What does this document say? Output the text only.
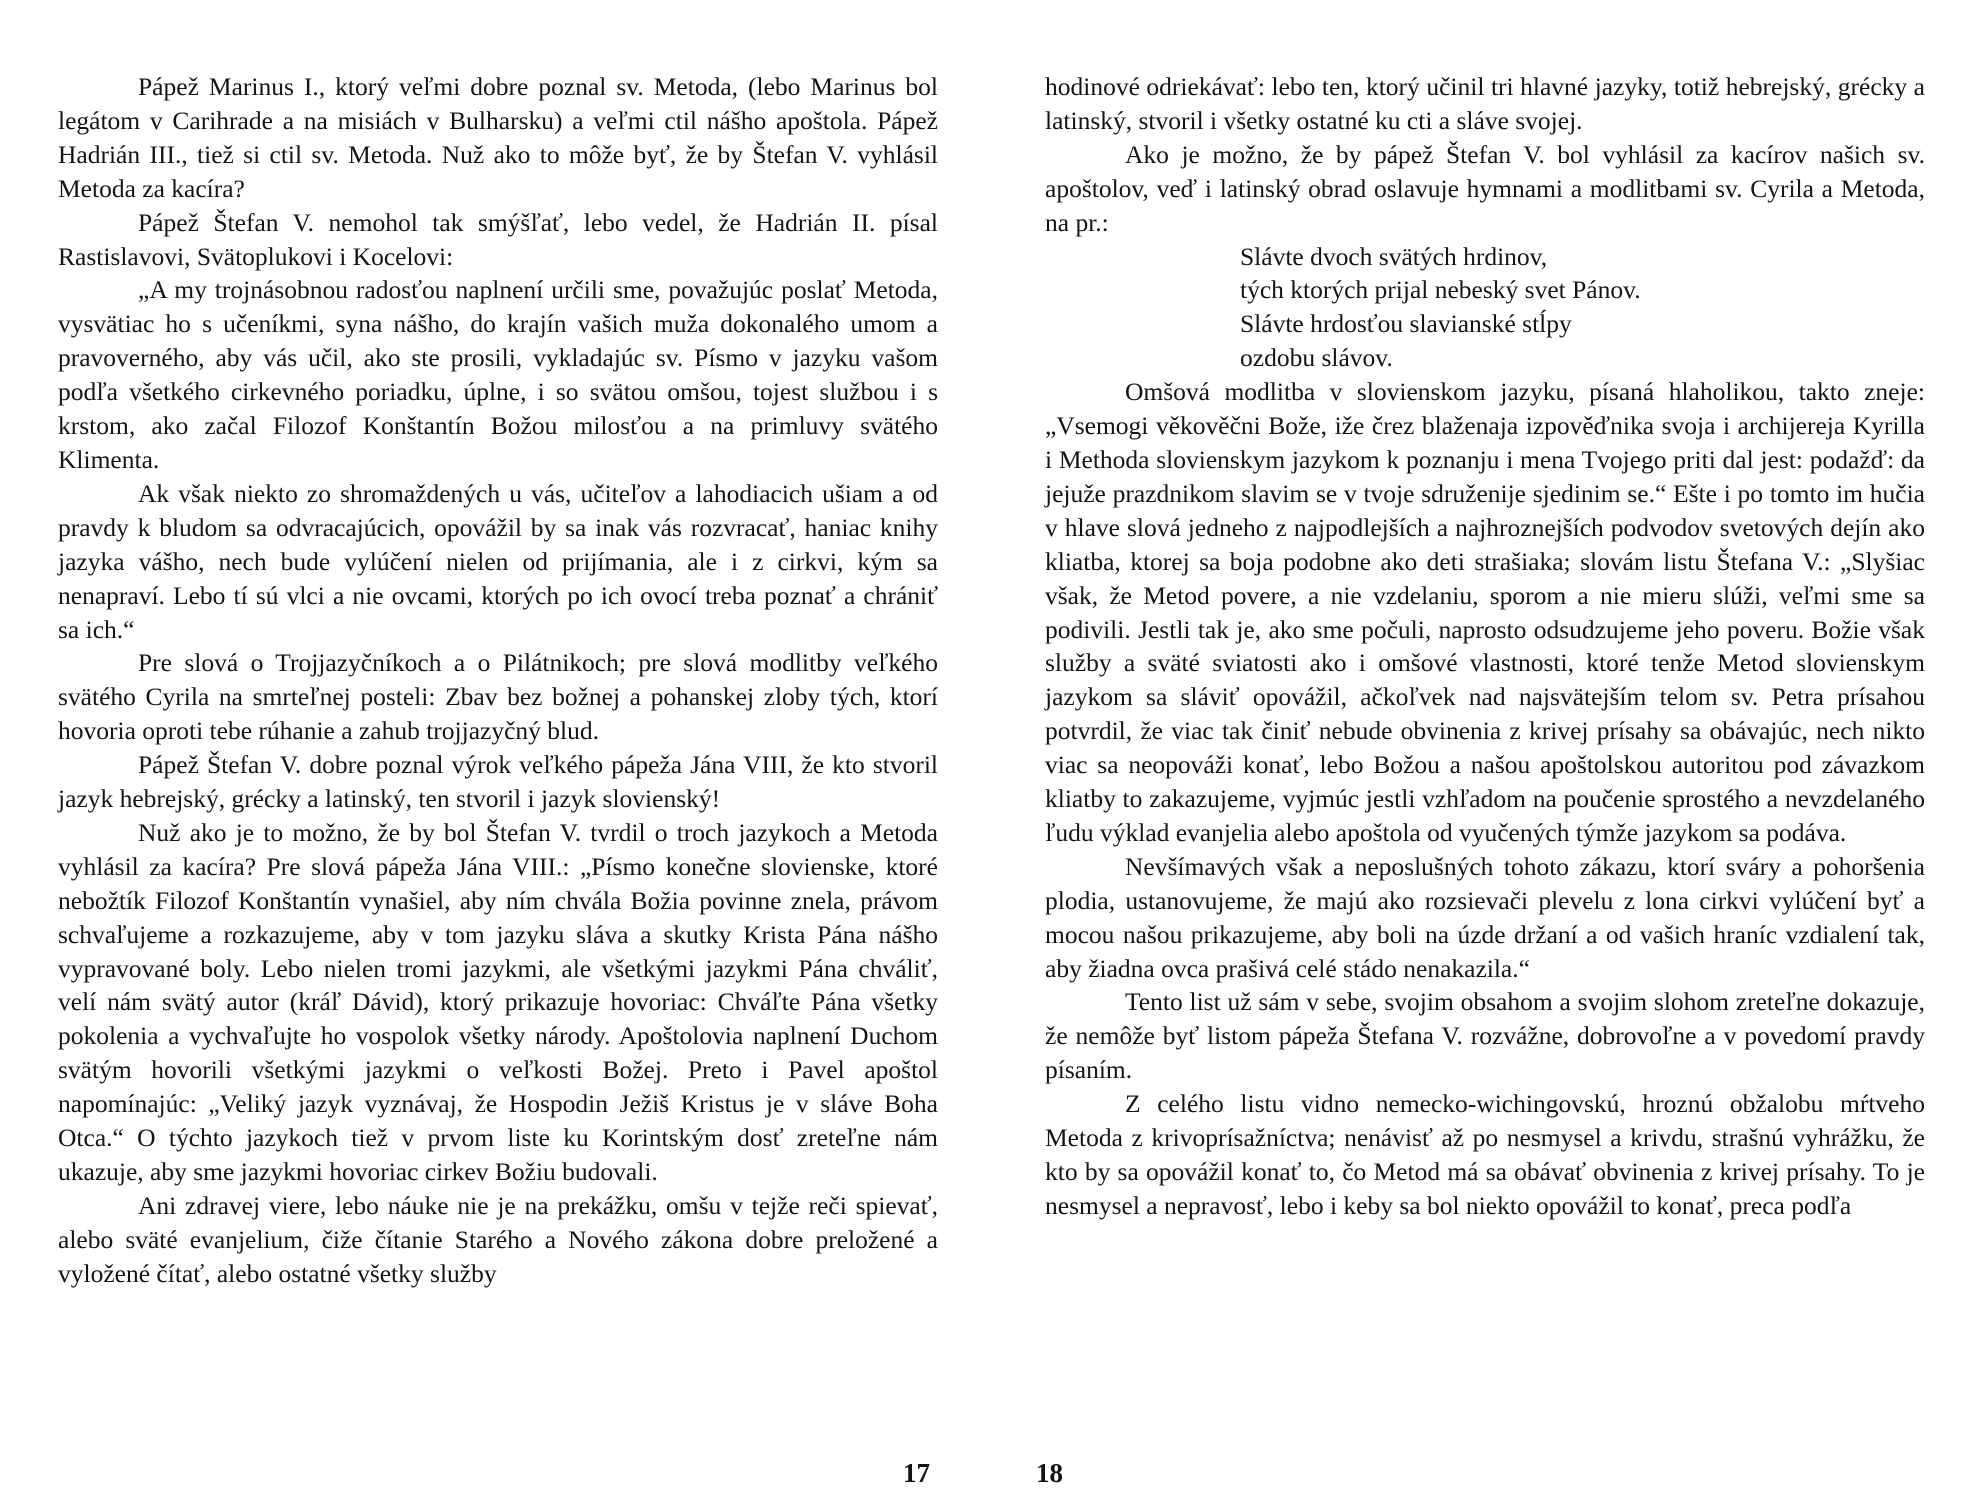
Pápež Marinus I., ktorý veľmi dobre poznal sv. Metoda, (lebo Marinus bol legátom v Carihrade a na misiách v Bulharsku) a veľmi ctil nášho apoštola. Pápež Hadrián III., tiež si ctil sv. Metoda. Nuž ako to môže byť, že by Štefan V. vyhlásil Metoda za kacíra?

Pápež Štefan V. nemohol tak smýšľať, lebo vedel, že Hadrián II. písal Rastislavovi, Svätoplukovi i Kocelovi:

„A my trojnásobnou radosťou naplnení určili sme, považujúc poslať Metoda, vysvätiac ho s učeníkmi, syna nášho, do krajín vašich muža dokonalého umom a pravoverného, aby vás učil, ako ste prosili, vykladajúc sv. Písmo v jazyku vašom podľa všetkého cirkevného poriadku, úplne, i so svätou omšou, tojest službou i s krstom, ako začal Filozof Konštantín Božou milosťou a na primluvy svätého Klimenta.

Ak však niekto zo shromaždených u vás, učiteľov a lahodiacich ušiam a od pravdy k bludom sa odvracajúcich, opovážil by sa inak vás rozvracať, haniac knihy jazyka vášho, nech bude vylúčení nielen od prijímania, ale i z cirkvi, kým sa nenapraví. Lebo tí sú vlci a nie ovcami, ktorých po ich ovocí treba poznať a chrániť sa ich.“

Pre slová o Trojjazyčníkoch a o Pilátnikoch; pre slová modlitby veľkého svätého Cyrila na smrteľnej posteli: Zbav bez božnej a pohanskej zloby tých, ktorí hovoria oproti tebe rúhanie a zahub trojjazyčný blud.

Pápež Štefan V. dobre poznal výrok veľkého pápeža Jána VIII, že kto stvoril jazyk hebrejský, grécky a latinský, ten stvoril i jazyk slovienský!

Nuž ako je to možno, že by bol Štefan V. tvrdil o troch jazykoch a Metoda vyhlásil za kacíra? Pre slová pápeža Jána VIII.: „Písmo konečne slovienske, ktoré nebožtík Filozof Konštantín vynašiel, aby ním chvála Božia povinne znela, právom schvaľujeme a rozkazujeme, aby v tom jazyku sláva a skutky Krista Pána nášho vypravované boly. Lebo nielen tromi jazykmi, ale všetkými jazykmi Pána chváliť, velí nám svätý autor (kráľ Dávid), ktorý prikazuje hovoriac: Chváľte Pána všetky pokolenia a vychvaľujte ho vospolok všetky národy. Apoštolovia naplnení Duchom svätým hovorili všetkými jazykmi o veľkosti Božej. Preto i Pavel apoštol napomínajúc: „Veliký jazyk vyznávaj, že Hospodin Ježiš Kristus je v sláve Boha Otca.“ O týchto jazykoch tiež v prvom liste ku Korintským dosť zreteľne nám ukazuje, aby sme jazykmi hovoriac cirkev Božiu budovali.

Ani zdravej viere, lebo náuke nie je na prekážku, omšu v tejže reči spievať, alebo sväté evanjelium, čiže čítanie Starého a Nového zákona dobre preložené a vyložené čítať, alebo ostatné všetky služby

17

hodinové odriekávať: lebo ten, ktorý učinil tri hlavné jazyky, totiž hebrejský, grécky a latinský, stvoril i všetky ostatné ku cti a sláve svojej.

Ako je možno, že by pápež Štefan V. bol vyhlásil za kacírov našich sv. apoštolov, veď i latinský obrad oslavuje hymnami a modlitbami sv. Cyrila a Metoda, na pr.:

Slávte dvoch svätých hrdinov,
tých ktorých prijal nebeský svet Pánov.
Slávte hrdosťou slavianské stĺpy
ozdobu slávov.

Omšová modlitba v slovienskom jazyku, písaná hlaholikou, takto zneje: „Vsemogi věkověčni Bože, iže črez blaženaja izpověďnika svoja i archijereja Kyrilla i Methoda slovienskym jazykom k poznanju i mena Tvojego priti dal jest: podažď: da jejuže prazdnikom slavim se v tvoje sdruženije sjedinim se.“ Ešte i po tomto im hučia v hlave slová jedneho z najpodlejších a najhroznejších podvodov svetových dejín ako kliatba, ktorej sa boja podobne ako deti strašiaka; slovám listu Štefana V.: „Slyšiac však, že Metod povere, a nie vzdelaniu, sporom a nie mieru slúži, veľmi sme sa podivili. Jestli tak je, ako sme počuli, naprosto odsudzujeme jeho poveru. Božie však služby a sväté sviatosti ako i omšové vlastnosti, ktoré tenže Metod slovienskym jazykom sa sláviť opovážil, ačkoľvek nad najsvätejším telom sv. Petra prísahou potvrdil, že viac tak činiť nebude obvinenia z krivej prísahy sa obávajúc, nech nikto viac sa neopováži konať, lebo Božou a našou apoštolskou autoritou pod závazkom kliatby to zakazujeme, vyjmúc jestli vzhľadom na poučenie sprostého a nevzdelaného ľudu výklad evanjelia alebo apoštola od vyučených týmže jazykom sa podáva.

Nevšímavých však a neposlušných tohoto zákazu, ktorí sváry a pohoršenia plodia, ustanovujeme, že majú ako rozsievači plevelu z lona cirkvi vylúčení byť a mocou našou prikazujeme, aby boli na úzde držaní a od vašich hraníc vzdialení tak, aby žiadna ovca prašivá celé stádo nenakazila.“

Tento list už sám v sebe, svojim obsahom a svojim slohom zreteľne dokazuje, že nemôže byť listom pápeža Štefana V. rozvážne, dobrovoľne a v povedomí pravdy písaním.

Z celého listu vidno nemecko-wichingovskú, hroznú obžalobu mŕtveho Metoda z krivoprísažníctva; nenávisť až po nesmysel a krivdu, strašnú vyhrážku, že kto by sa opovážil konať to, čo Metod má sa obávať obvinenia z krivej prísahy. To je nesmysel a nepravosť, lebo i keby sa bol niekto opovážil to konať, preca podľa

18
